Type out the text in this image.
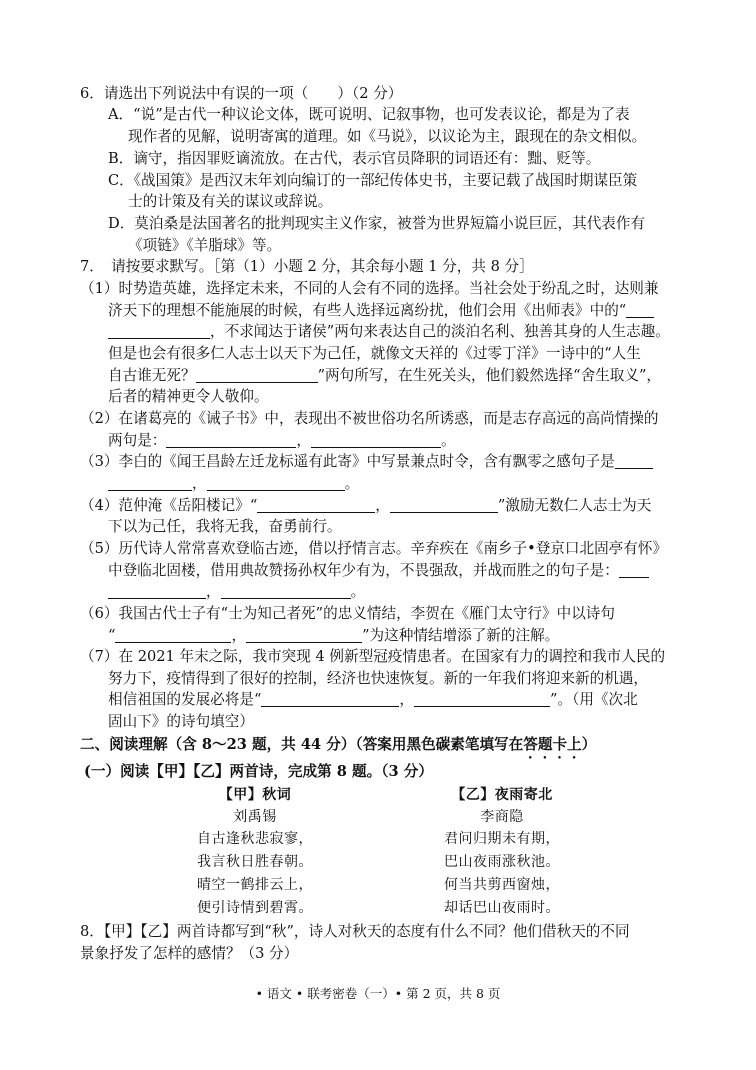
6．请选出下列说法中有误的一项（　　）（2 分）
A．“说”是古代一种议论文体，既可说明、记叙事物，也可发表议论，都是为了表
现作者的见解，说明寄寓的道理。如《马说》，以议论为主，跟现在的杂文相似。
B．谪守，指因罪贬谪流放。在古代，表示官员降职的词语还有：黜、贬等。
C．《战国策》是西汉末年刘向编订的一部纪传体史书，主要记载了战国时期谋臣策
士的计策及有关的谋议或辞说。
D．莫泊桑是法国著名的批判现实主义作家，被誉为世界短篇小说巨匠，其代表作有
《项链》《羊脂球》等。
7．　请按要求默写。［第（1）小题 2 分，其余每小题 1 分，共 8 分］
（1）时势造英雄，选择定未来，不同的人会有不同的选择。当社会处于纷乱之时，达则兼
济天下的理想不能施展的时候，有些人选择远离纷扰，他们会用《出师表》中的“
，不求闻达于诸侯”两句来表达自己的淡泊名利、独善其身的人生志趣。
但是也会有很多仁人志士以天下为己任，就像文天祥的《过零丁洋》一诗中的“人生
自古谁无死？	”两句所写，在生死关头，他们毅然选择“舍生取义”，
后者的精神更令人敬仰。
（2）在诸葛亮的《诫子书》中，表现出不被世俗功名所诱惑，而是志存高远的高尚情操的
两句是：	，	。
（3）李白的《闻王昌龄左迁龙标遥有此寄》中写景兼点时令，含有飘零之感句子是
，	。
（4）范仲淹《岳阳楼记》“	，	”激励无数仁人志士为天
下以为己任，我将无我，奋勇前行。
（5）历代诗人常常喜欢登临古迹，借以抒情言志。辛弃疾在《南乡子•登京口北固亭有怀》
中登临北固楼，借用典故赞扬孙权年少有为，不畏强敌，并战而胜之的句子是：
，	。
（6）我国古代士子有“士为知己者死”的忠义情结，李贺在《雁门太守行》中以诗句
“	，	”为这种情结增添了新的注解。
（7）在 2021 年末之际，我市突现 4 例新型冠疫情患者。在国家有力的调控和我市人民的
努力下，疫情得到了很好的控制，经济也快速恢复。新的一年我们将迎来新的机遇，
相信祖国的发展必将是“	，	”。（用《次北
固山下》的诗句填空）
二、阅读理解（含 8～23 题，共 44 分）（答案用黑色碳素笔填写在答题卡上）
(一）阅读【甲】【乙】两首诗，完成第 8 题。（3 分）
【甲】秋词
刘禹锡
自古逢秋悲寂寥，
我言秋日胜春朝。
晴空一鹤排云上，
便引诗情到碧霄。
【乙】夜雨寄北
李商隐
君问归期未有期，
巴山夜雨涨秋池。
何当共剪西窗烛，
却话巴山夜雨时。
8．【甲】【乙】两首诗都写到“秋”，诗人对秋天的态度有什么不同？他们借秋天的不同
景象抒发了怎样的感情？（3 分）
• 语文 • 联考密卷（一）• 第 2 页，共 8 页
